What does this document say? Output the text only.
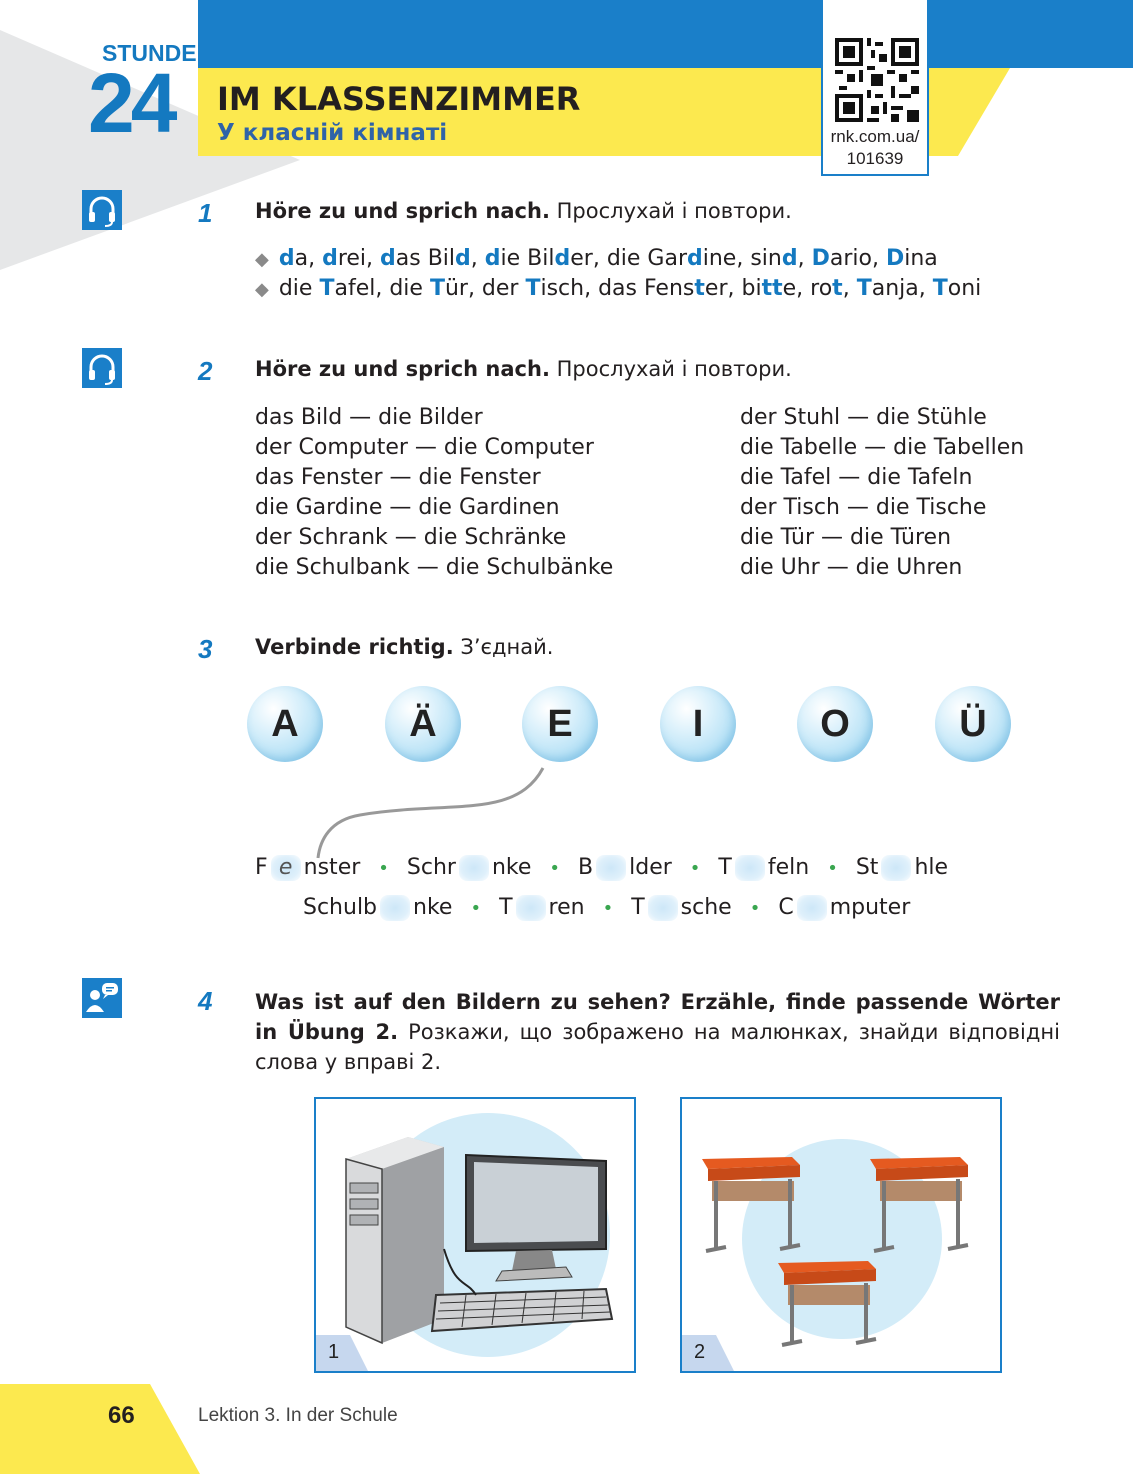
STUNDE
24 IM KLASSENZIMMER
У класній кімнаті	rnk.com.ua/
101639
1 Höre zu und sprich nach. Прослухай і повтори.
◆ da, drei, das Bild, die Bilder, die Gardine, sind, Dario, Dina
◆ die Tafel, die Tür, der Tisch, das Fenster, bitte, rot, Tanja, Toni
2 Höre zu und sprich nach. Прослухай і повтори.
das Bild — die Bilder
der Computer — die Computer
das Fenster — die Fenster
die Gardine — die Gardinen
der Schrank — die Schränke
die Schulbank — die Schulbänke
der Stuhl — die Stühle
die Tabelle — die Tabellen
die Tafel — die Tafeln
der Tisch — die Tische
die Tür — die Türen
die Uhr — die Uhren
3 Verbinde richtig. З’єднай.
A	Ä	E	I	O	Ü
F e nster • Schr nke • B lder • T feln • St hle
Schulb nke • T ren • T sche • C mputer
4 Was ist auf den Bildern zu sehen? Erzähle, finde passende Wörter in Übung 2. Розкажи, що зображено на малюнках, знайди відповідні слова у вправі 2.
1	2
66	Lektion 3. In der Schule
